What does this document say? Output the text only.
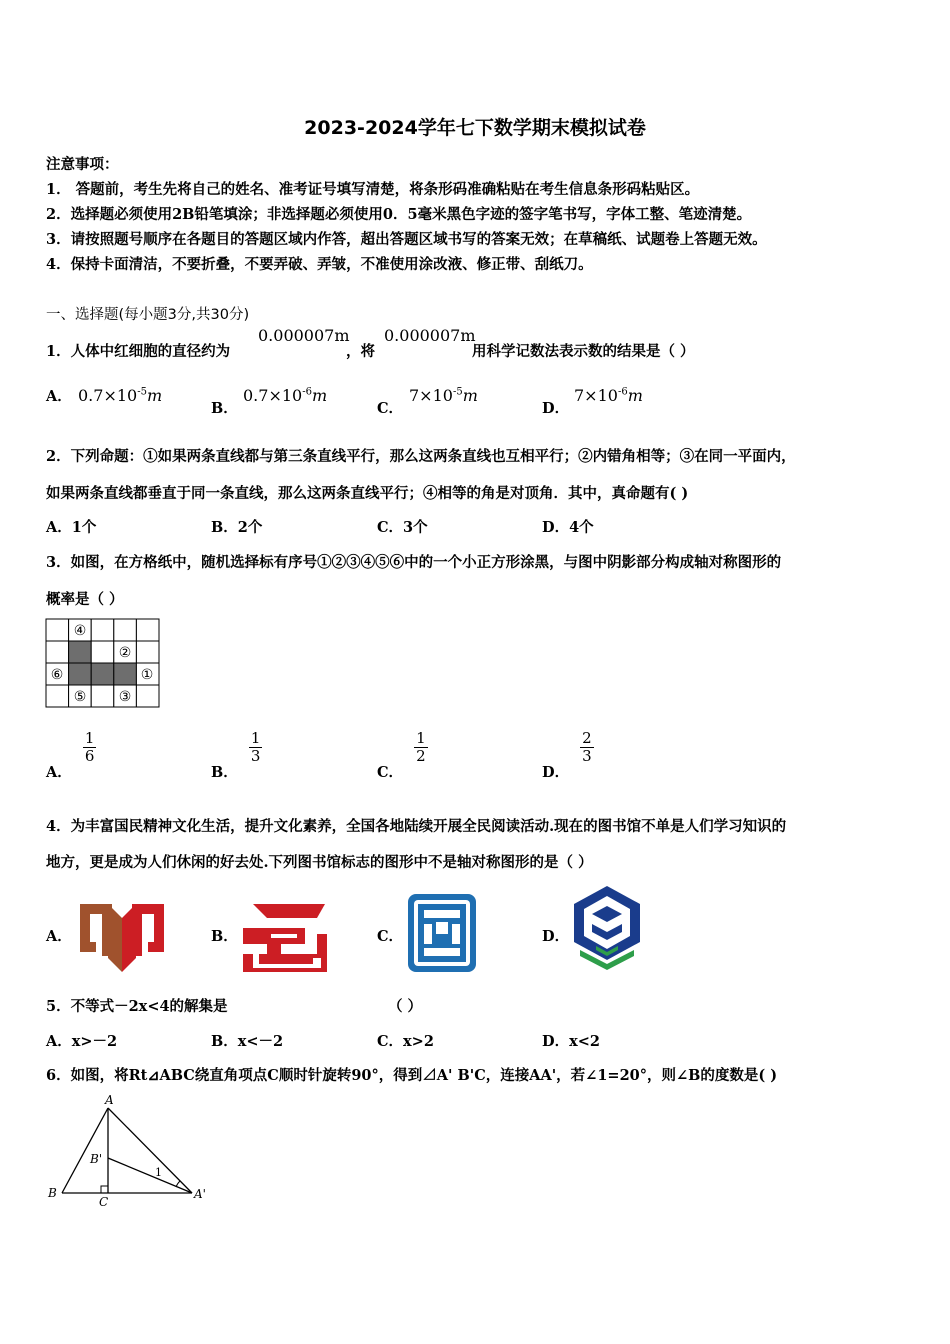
2023-2024学年七下数学期末模拟试卷
注意事项：
1． 答题前，考生先将自己的姓名、准考证号填写清楚，将条形码准确粘贴在考生信息条形码粘贴区。
2．选择题必须使用2B铅笔填涂；非选择题必须使用0．5毫米黑色字迹的签字笔书写，字体工整、笔迹清楚。
3．请按照题号顺序在各题目的答题区域内作答，超出答题区域书写的答案无效；在草稿纸、试题卷上答题无效。
4．保持卡面清洁，不要折叠，不要弄破、弄皱，不准使用涂改液、修正带、刮纸刀。
一、选择题(每小题3分,共30分)
1．人体中红细胞的直径约为
0.000007m
，将
0.000007m
用科学记数法表示数的结果是（ ）
A． $0.7\times 10^{-5}m$
B．
$0.7\times 10^{-6}m$
C．
$7\times 10^{-5}m$
D．
$7\times 10^{-6}m$
2．下列命题：①如果两条直线都与第三条直线平行，那么这两条直线也互相平行；②内错角相等；③在同一平面内，
如果两条直线都垂直于同一条直线，那么这两条直线平行；④相等的角是对顶角．其中，真命题有( )
A．1个	B．2个	C．3个	D．4个
3．如图，在方格纸中，随机选择标有序号①②③④⑤⑥中的一个小正方形涂黑，与图中阴影部分构成轴对称图形的
概率是（ ）
④
②
⑥	①
⑤ ③
A．
$\frac{1}{6}$
B．
$\frac{1}{3}$
C．
$\frac{1}{2}$
D．
$\frac{2}{3}$
4．为丰富国民精神文化生活，提升文化素养，全国各地陆续开展全民阅读活动.现在的图书馆不单是人们学习知识的
地方，更是成为人们休闲的好去处.下列图书馆标志的图形中不是轴对称图形的是（ ）
A．	B．	C．	D．
5．不等式－2x<4的解集是	（ ）
A．x>－2	B．x<－2	C．x>2	D．x<2
6．如图，将Rt⊿ABC绕直角项点C顺时针旋转90°，得到⊿A' B'C，连接AA'，若∠1=20°，则∠B的度数是( )
A
B'
1
B
C
A'
